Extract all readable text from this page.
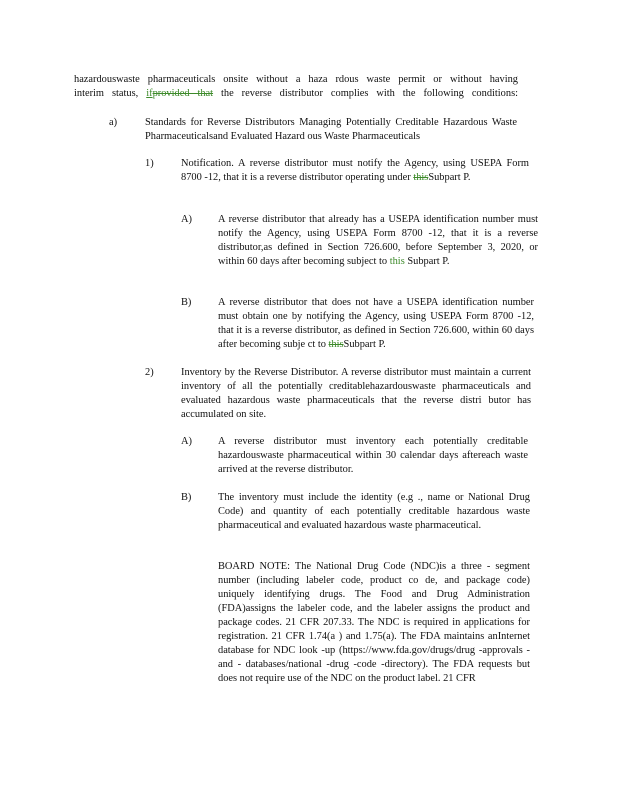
hazardouswaste pharmaceuticals onsite without a haza rdous waste permit or without having

interim status, ifprovided that the reverse distributor complies with the following conditions:

a)	Standards for Reverse Distributors Managing Potentially Creditable Hazardous Waste Pharmaceuticalsand Evaluated Hazard ous Waste Pharmaceuticals

1)	Notification. A reverse distributor must notify the Agency, using USEPA Form 8700 -12, that it is a reverse distributor operating under thisSubpart P.

A)	A reverse distributor that already has a USEPA identification number must notify the Agency, using USEPA Form 8700 -12, that it is a reverse distributor,as defined in Section 726.600, before September 3, 2020, or within 60 days after becoming subject to this Subpart P.

B)	A reverse distributor that does not have a USEPA identification number must obtain one by notifying the Agency, using USEPA Form 8700 -12, that it is a reverse distributor, as defined in Section 726.600, within 60 days after becoming subje ct to thisSubpart P.

2)	Inventory by the Reverse Distributor. A reverse distributor must maintain a current inventory of all the potentially creditablehazardouswaste pharmaceuticals and evaluated hazardous waste pharmaceuticals that the reverse distri butor has accumulated on site.

A)	A reverse distributor must inventory each potentially creditable hazardouswaste pharmaceutical within 30 calendar days aftereach waste arrived at the reverse distributor.

B)	The inventory must include the identity (e.g ., name or National Drug Code) and quantity of each potentially creditable hazardous waste pharmaceutical and evaluated hazardous waste pharmaceutical.

BOARD NOTE: The National Drug Code (NDC)is a three - segment number (including labeler code, product co de, and package code) uniquely identifying drugs. The Food and Drug Administration (FDA)assigns the labeler code, and the labeler assigns the product and package codes. 21 CFR 207.33. The NDC is required in applications for registration. 21 CFR 1.74(a ) and 1.75(a). The FDA maintains anInternet database for NDC look -up (https://www.fda.gov/drugs/drug -approvals -and - databases/national -drug -code -directory). The FDA requests but does not require use of the NDC on the product label. 21 CFR
